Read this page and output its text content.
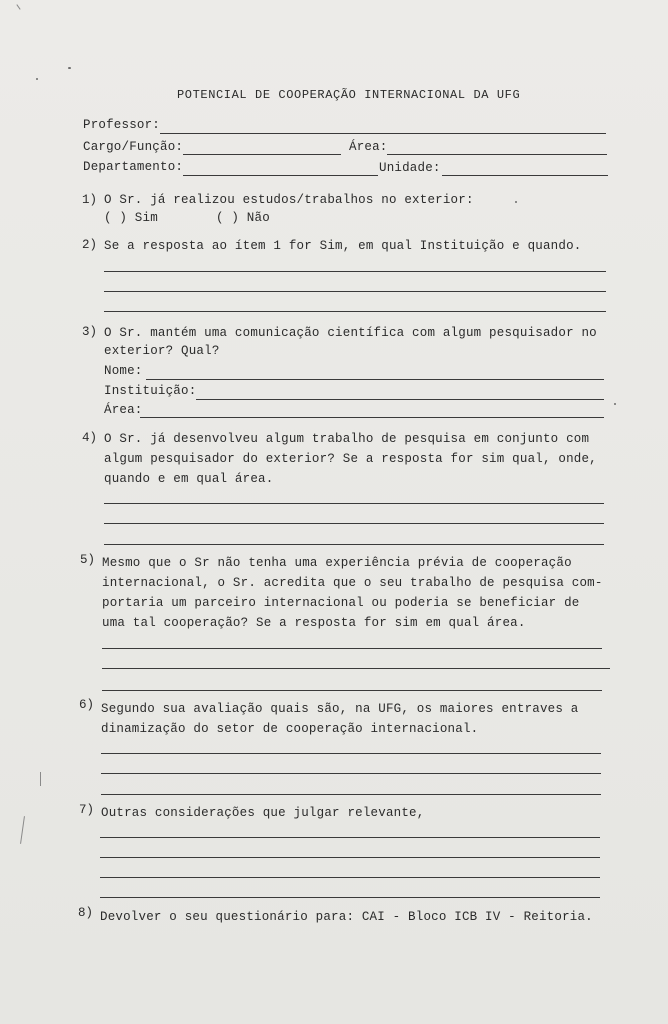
POTENCIAL DE COOPERAÇÃO INTERNACIONAL DA UFG
Professor:
Cargo/Função:	Área:
Departamento:	Unidade:
1) O Sr. já realizou estudos/trabalhos no exterior:
( ) Sim	( ) Não
2) Se a resposta ao ítem 1 for Sim, em qual Instituição e quando.
3) O Sr. mantém uma comunicação científica com algum pesquisador no
exterior? Qual?
Nome:
Instituição:
Área:
4) O Sr. já desenvolveu algum trabalho de pesquisa em conjunto com
algum pesquisador do exterior? Se a resposta for sim qual, onde,
quando e em qual área.
5) Mesmo que o Sr não tenha uma experiência prévia de cooperação
internacional, o Sr. acredita que o seu trabalho de pesquisa com-
portaria um parceiro internacional ou poderia se beneficiar de
uma tal cooperação? Se a resposta for sim em qual área.
6) Segundo sua avaliação quais são, na UFG, os maiores entraves a
dinamização do setor de cooperação internacional.
7) Outras considerações que julgar relevante,
8) Devolver o seu questionário para: CAI - Bloco ICB IV - Reitoria.
